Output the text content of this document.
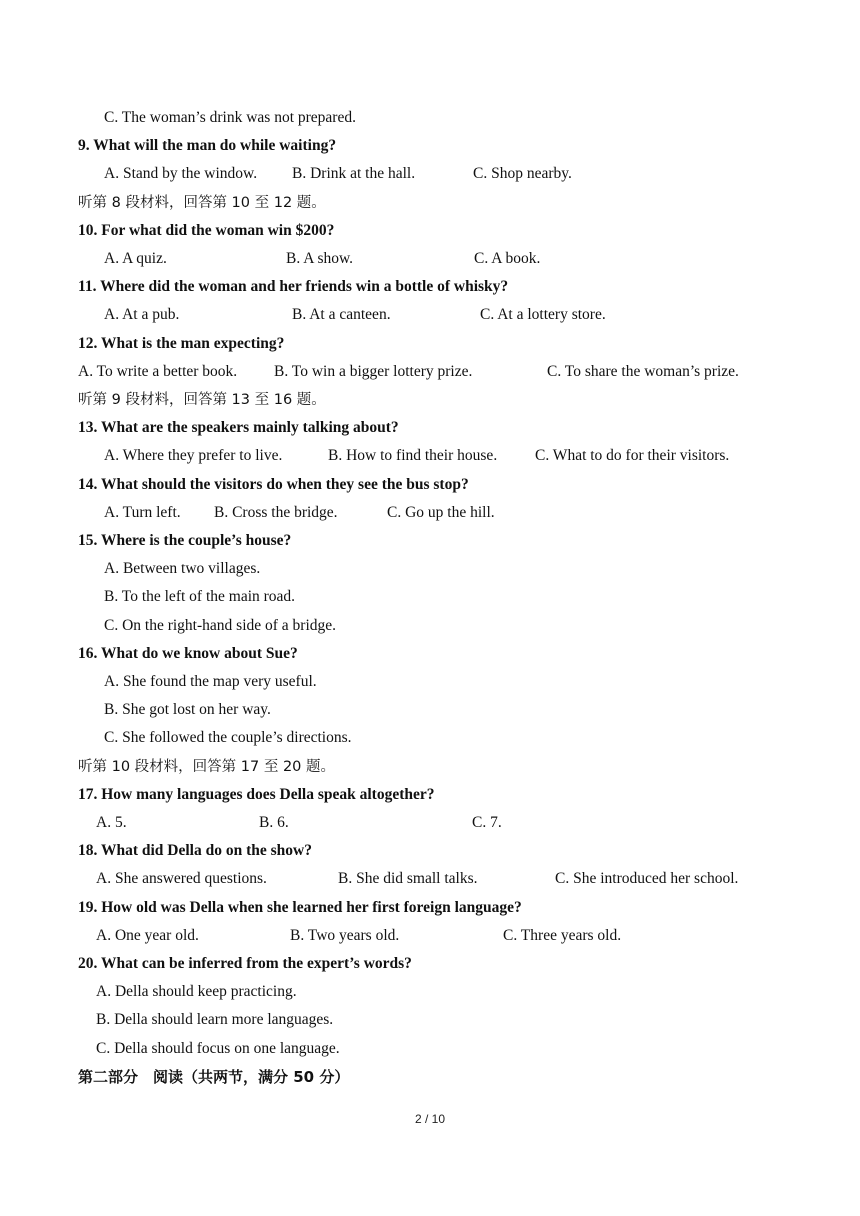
C. The woman’s drink was not prepared.
9. What will the man do while waiting?
A. Stand by the window. B. Drink at the hall.	C. Shop nearby.
听第 8 段材料，回答第 10 至 12 题。
10. For what did the woman win $200?
A. A quiz.	B. A show.	C. A book.
11. Where did the woman and her friends win a bottle of whisky?
A. At a pub.	B. At a canteen.	C. At a lottery store.
12. What is the man expecting?
A. To write a better book. B. To win a bigger lottery prize.	C. To share the woman’s prize.
听第 9 段材料，回答第 13 至 16 题。
13. What are the speakers mainly talking about?
A. Where they prefer to live.	B. How to find their house. C. What to do for their visitors.
14. What should the visitors do when they see the bus stop?
A. Turn left. B. Cross the bridge.	C. Go up the hill.
15. Where is the couple’s house?
A. Between two villages.
B. To the left of the main road.
C. On the right-hand side of a bridge.
16. What do we know about Sue?
A. She found the map very useful.
B. She got lost on her way.
C. She followed the couple’s directions.
听第 10 段材料，回答第 17 至 20 题。
17. How many languages does Della speak altogether?
A. 5.	B. 6.	C. 7.
18. What did Della do on the show?
A. She answered questions.	B. She did small talks.	C. She introduced her school.
19. How old was Della when she learned her first foreign language?
A. One year old.	B. Two years old.	C. Three years old.
20. What can be inferred from the expert’s words?
A. Della should keep practicing.
B. Della should learn more languages.
C. Della should focus on one language.
第二部分　阅读（共两节，满分 50 分）
2 / 10
